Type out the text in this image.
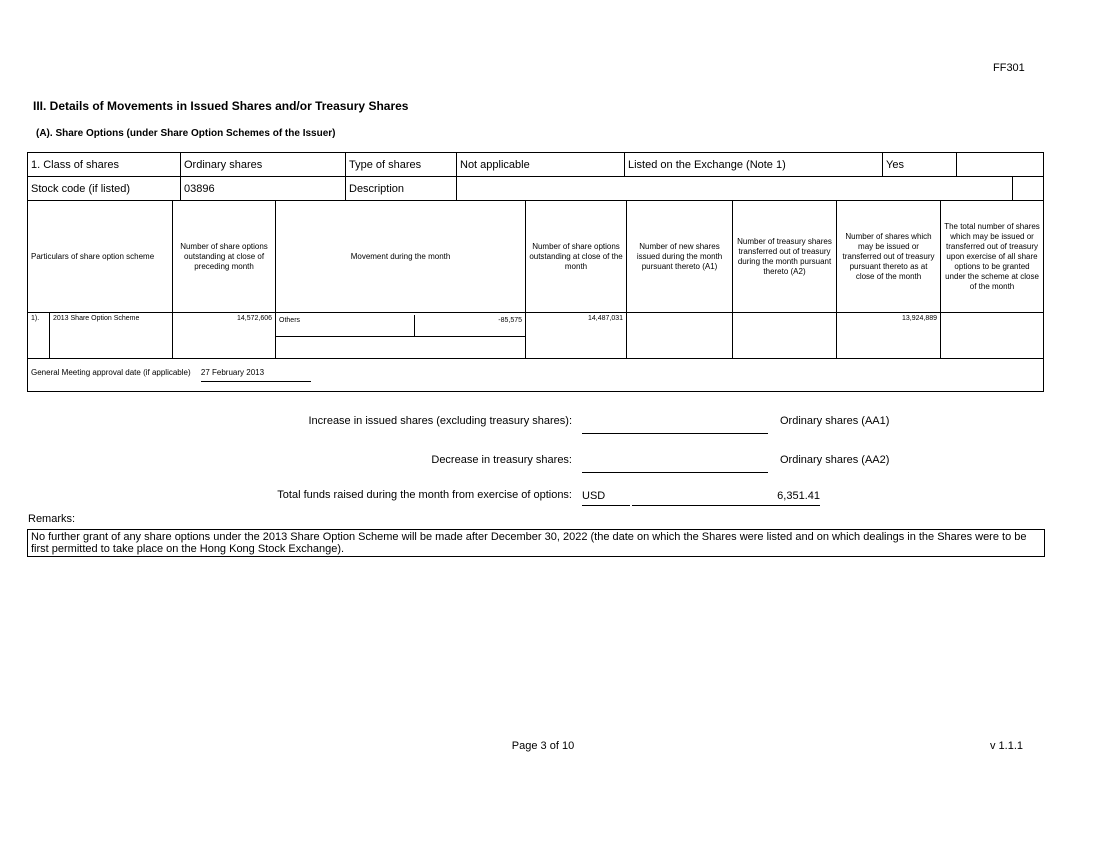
FF301
III. Details of Movements in Issued Shares and/or Treasury Shares
(A). Share Options (under Share Option Schemes of the Issuer)
1. Class of shares	Ordinary shares	Type of shares	Not applicable	Listed on the Exchange (Note 1)	Yes		
Stock code (if listed)	03896	Description					
Particulars of share option scheme		Number of share options outstanding at close of preceding month	Movement during the month	Number of share options outstanding at close of the month	Number of new shares issued during the month pursuant thereto (A1)	Number of treasury shares transferred out of treasury during the month pursuant thereto (A2)	Number of shares which may be issued or transferred out of treasury pursuant thereto as at close of the month	The total number of shares which may be issued or transferred out of treasury upon exercise of all share options to be granted under the scheme at close of the month
1).	2013 Share Option Scheme	14,572,606	Others -85,575	14,487,031			13,924,889	
General Meeting approval date (if applicable) 27 February 2013								
Increase in issued shares (excluding treasury shares):	Ordinary shares (AA1)
Decrease in treasury shares:	Ordinary shares (AA2)
Total funds raised during the month from exercise of options: USD	6,351.41
Remarks:
No further grant of any share options under the 2013 Share Option Scheme will be made after December 30, 2022 (the date on which the Shares were listed and on which dealings in the Shares were to be first permitted to take place on the Hong Kong Stock Exchange).
Page 3 of 10	v 1.1.1
